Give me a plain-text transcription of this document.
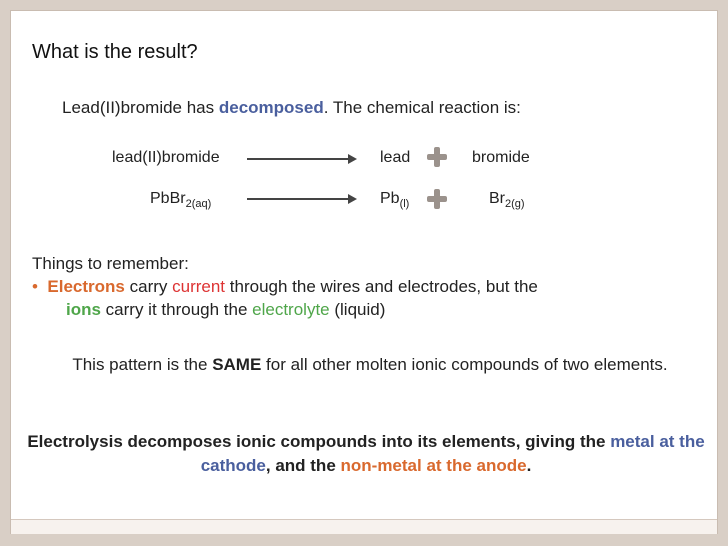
What is the result?
Lead(II)bromide has decomposed. The chemical reaction is:
lead(II)bromide	lead	bromide
PbBr$_{2(aq)}$	$Pb_{(l)}$	$Br_{2(g)}$
Things to remember:
• Electrons carry current through the wires and electrodes, but the
ions carry it through the electrolyte (liquid)
This pattern is the SAME for all other molten ionic compounds of two elements.
Electrolysis decomposes ionic compounds into its elements, giving the metal at the cathode, and the non-metal at the anode.
